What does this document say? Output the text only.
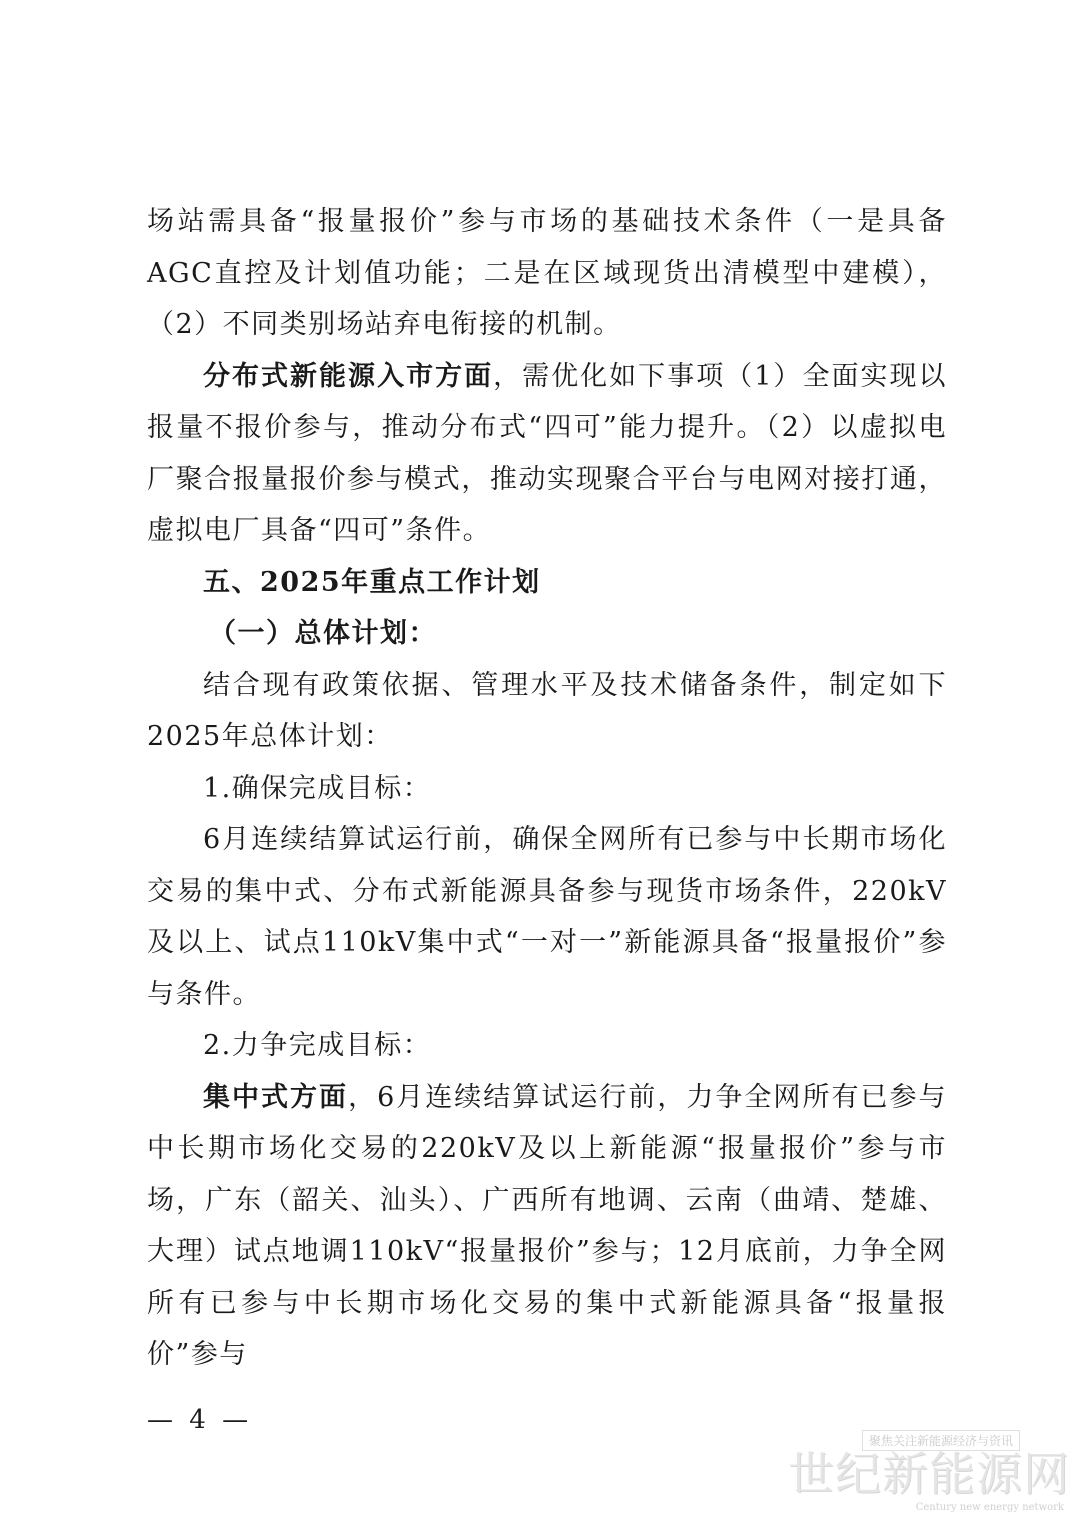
场站需具备“报量报价”参与市场的基础技术条件（一是具备AGC直控及计划值功能；二是在区域现货出清模型中建模），（2）不同类别场站弃电衔接的机制。

分布式新能源入市方面，需优化如下事项（1）全面实现以报量不报价参与，推动分布式“四可”能力提升。（2）以虚拟电厂聚合报量报价参与模式，推动实现聚合平台与电网对接打通，虚拟电厂具备“四可”条件。

五、2025年重点工作计划

（一）总体计划：

结合现有政策依据、管理水平及技术储备条件，制定如下2025年总体计划：

1.确保完成目标：

6月连续结算试运行前，确保全网所有已参与中长期市场化交易的集中式、分布式新能源具备参与现货市场条件，220kV及以上、试点110kV集中式“一对一”新能源具备“报量报价”参与条件。

2.力争完成目标：

集中式方面，6月连续结算试运行前，力争全网所有已参与中长期市场化交易的220kV及以上新能源“报量报价”参与市场，广东（韶关、汕头）、广西所有地调、云南（曲靖、楚雄、大理）试点地调110kV“报量报价”参与；12月底前，力争全网所有已参与中长期市场化交易的集中式新能源具备“报量报价”参与

— 4 —
聚焦关注新能源经济与资讯
世纪新能源网
Century new energy network
